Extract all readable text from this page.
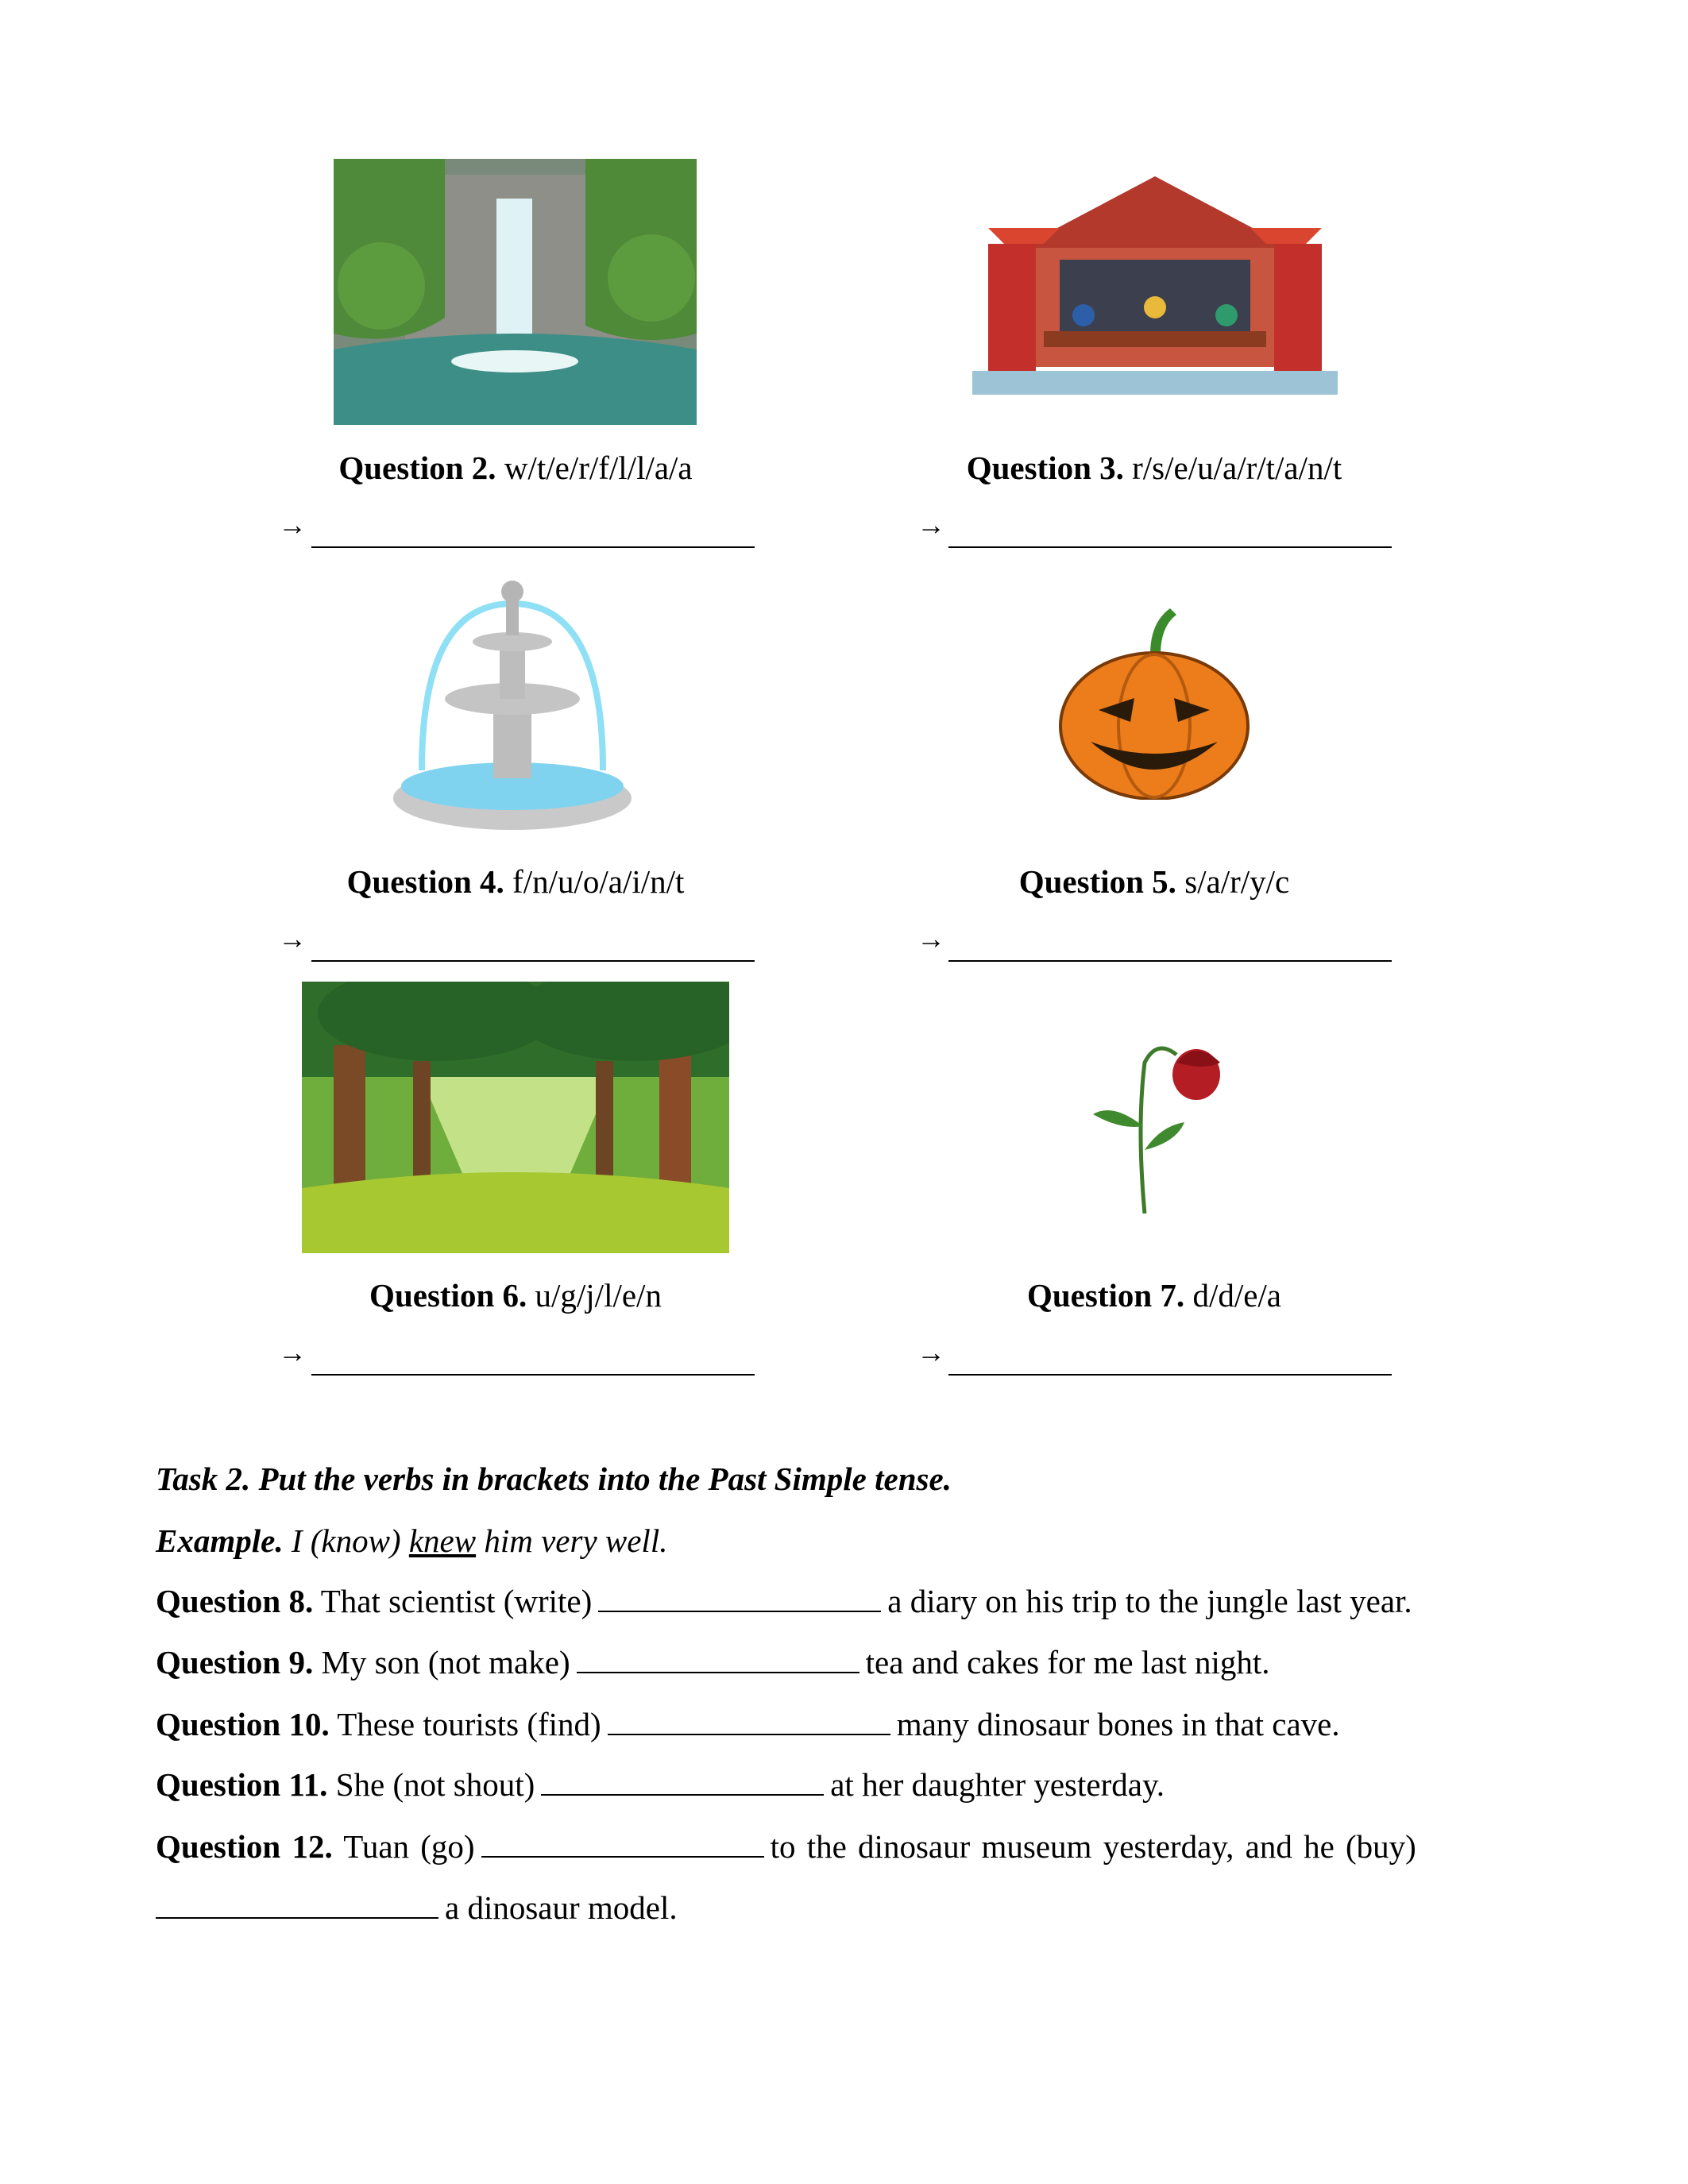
Question 2. w/t/e/r/f/l/l/a/a	Question 3. r/s/e/u/a/r/t/a/n/t
Question 4. f/n/u/o/a/i/n/t	Question 5. s/a/r/y/c
Question 6. u/g/j/l/e/n	Question 7. d/d/e/a
→	→
→	→
→	→
Task 2. Put the verbs in brackets into the Past Simple tense.
Example. I (know) knew him very well.
Question 8. That scientist (write)	a diary on his trip to the jungle last year.
Question 9. My son (not make)	tea and cakes for me last night.
Question 10. These tourists (find)	many dinosaur bones in that cave.
Question 11. She (not shout)	at her daughter yesterday.
Question 12. Tuan (go)	to the dinosaur museum yesterday, and he (buy)
a dinosaur model.
